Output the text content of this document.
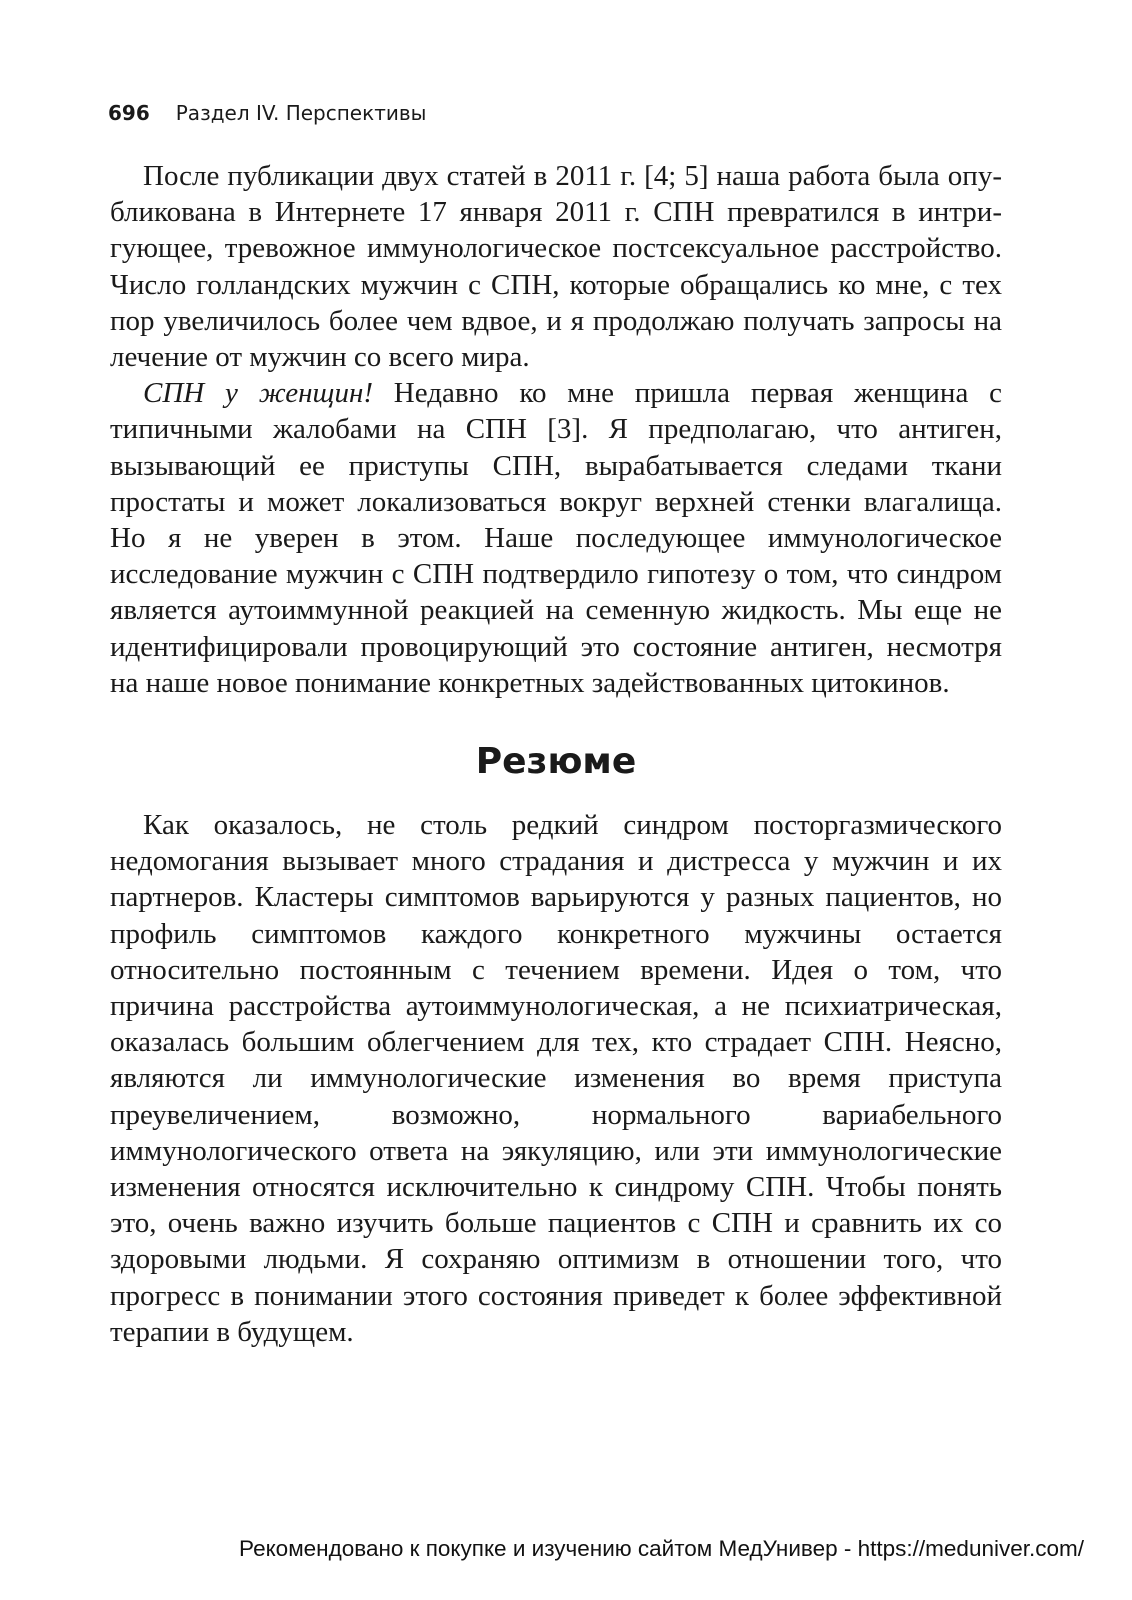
696 Раздел IV. Перспективы

После публикации двух статей в 2011 г. [4; 5] наша работа была опубликована в Интернете 17 января 2011 г. СПН превратился в интригующее, тревожное иммунологическое постсексуальное расстройство. Число голландских мужчин с СПН, которые обращались ко мне, с тех пор увеличилось более чем вдвое, и я продолжаю получать запросы на лечение от мужчин со всего мира.

СПН у женщин! Недавно ко мне пришла первая женщина с типичными жалобами на СПН [3]. Я предполагаю, что антиген, вызывающий ее приступы СПН, вырабатывается следами ткани простаты и может локализоваться вокруг верхней стенки влагалища. Но я не уверен в этом. Наше последующее иммунологическое исследование мужчин с СПН подтвердило гипотезу о том, что синдром является аутоиммунной реакцией на семенную жидкость. Мы еще не идентифицировали провоцирующий это состояние антиген, несмотря на наше новое понимание конкретных задействованных цитокинов.

Резюме

Как оказалось, не столь редкий синдром посторгазмического недомогания вызывает много страдания и дистресса у мужчин и их партнеров. Кластеры симптомов варьируются у разных пациентов, но профиль симптомов каждого конкретного мужчины остается относительно постоянным с течением времени. Идея о том, что причина расстройства аутоиммунологическая, а не психиатрическая, оказалась большим облегчением для тех, кто страдает СПН. Неясно, являются ли иммунологические изменения во время приступа преувеличением, возможно, нормального вариабельного иммунологического ответа на эякуляцию, или эти иммунологические изменения относятся исключительно к синдрому СПН. Чтобы понять это, очень важно изучить больше пациентов с СПН и сравнить их со здоровыми людьми. Я сохраняю оптимизм в отношении того, что прогресс в понимании этого состояния приведет к более эффективной терапии в будущем.

Рекомендовано к покупке и изучению сайтом МедУнивер - https://meduniver.com/
